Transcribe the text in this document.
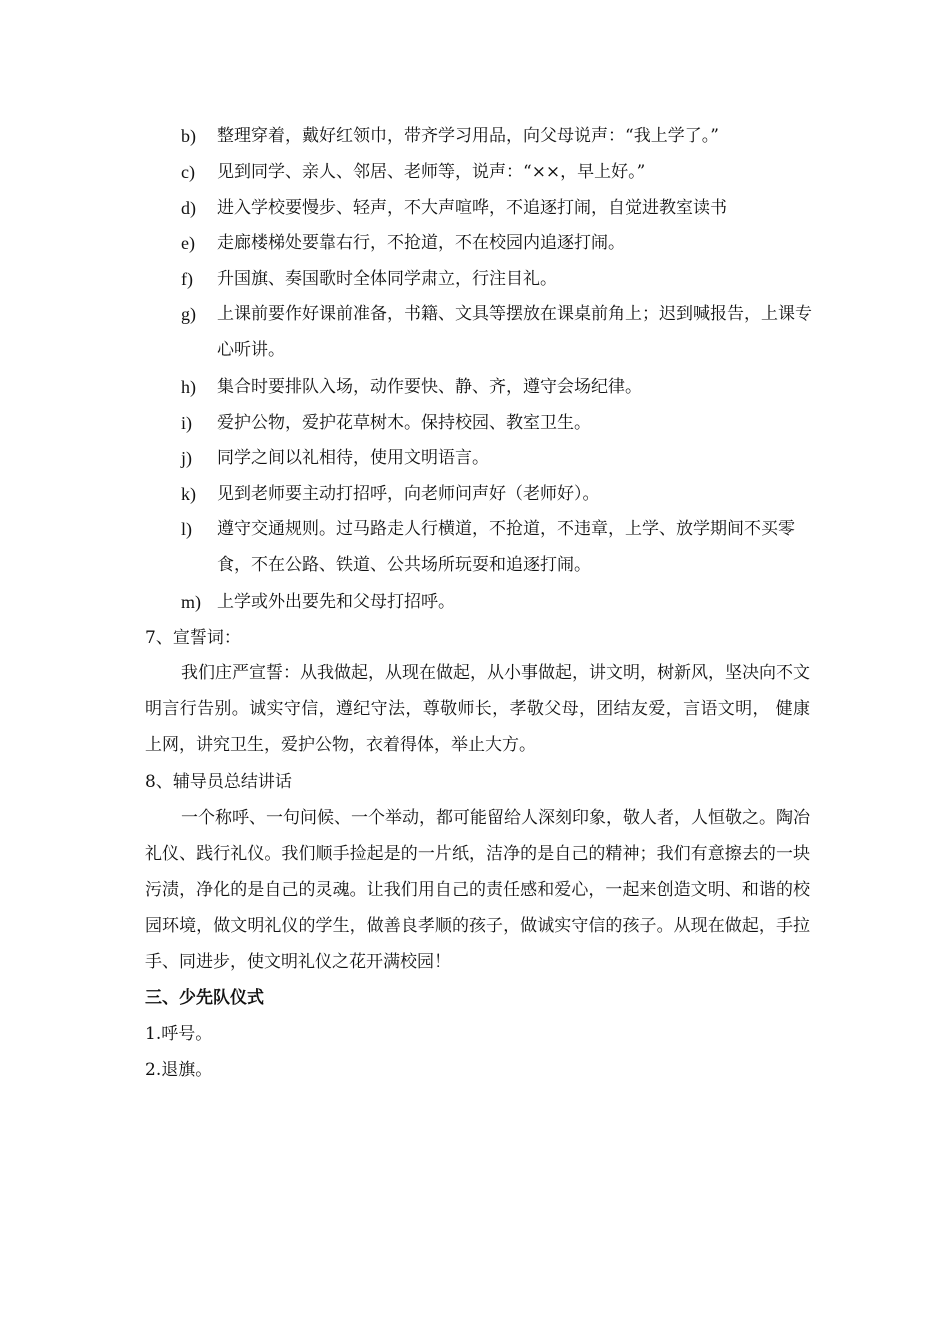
b)	整理穿着，戴好红领巾，带齐学习用品，向父母说声：“我上学了。”
c)	见到同学、亲人、邻居、老师等，说声：“××，早上好。”
d)	进入学校要慢步、轻声，不大声喧哗，不追逐打闹，自觉进教室读书
e)	走廊楼梯处要靠右行，不抢道，不在校园内追逐打闹。
f)	升国旗、奏国歌时全体同学肃立，行注目礼。
g)	上课前要作好课前准备，书籍、文具等摆放在课桌前角上；迟到喊报告，上课专心听讲。
h)	集合时要排队入场，动作要快、静、齐，遵守会场纪律。
i)	爱护公物，爱护花草树木。保持校园、教室卫生。
j)	同学之间以礼相待，使用文明语言。
k)	见到老师要主动打招呼，向老师问声好（老师好）。
l)	遵守交通规则。过马路走人行横道，不抢道，不违章，上学、放学期间不买零食，不在公路、铁道、公共场所玩耍和追逐打闹。
m) 上学或外出要先和父母打招呼。
7、宣誓词：
我们庄严宣誓：从我做起，从现在做起，从小事做起，讲文明，树新风，坚决向不文明言行告别。诚实守信，遵纪守法，尊敬师长，孝敬父母，团结友爱，言语文明， 健康上网，讲究卫生，爱护公物，衣着得体，举止大方。
8、辅导员总结讲话
一个称呼、一句问候、一个举动，都可能留给人深刻印象，敬人者，人恒敬之。陶冶礼仪、践行礼仪。我们顺手捡起是的一片纸，洁净的是自己的精神；我们有意擦去的一块污渍，净化的是自己的灵魂。让我们用自己的责任感和爱心，一起来创造文明、和谐的校园环境，做文明礼仪的学生，做善良孝顺的孩子，做诚实守信的孩子。从现在做起，手拉手、同进步，使文明礼仪之花开满校园！
三、少先队仪式
1.呼号。
2.退旗。
